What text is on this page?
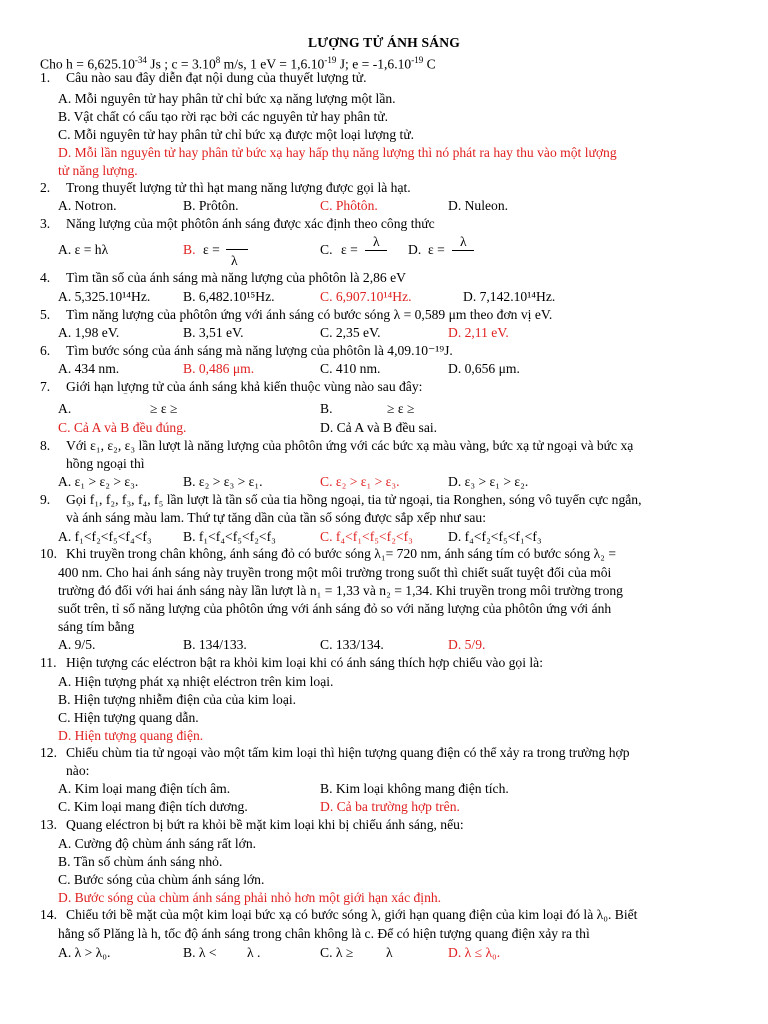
LƯỢNG TỬ ÁNH SÁNG
Cho $h = 6,625.10^{-34}$ Js ; $c = 3.10^8$ m/s, 1 eV = $1,6.10^{-19}$ J; $e = -1,6.10^{-19}$ C
1. Câu nào sau đây diễn đạt nội dung của thuyết lượng tử.
A. Mỗi nguyên tử hay phân tử chỉ bức xạ năng lượng một lần.
B. Vật chất có cấu tạo rời rạc bởi các nguyên tử hay phân tử.
C. Mỗi nguyên tử hay phân tử chỉ bức xạ được một loại lượng tử.
D. Mỗi lần nguyên tử hay phân tử bức xạ hay hấp thụ năng lượng thì nó phát ra hay thu vào một lượng
tử năng lượng.
2. Trong thuyết lượng tử thì hạt mang năng lượng được gọi là hạt.
A. Notron.	B. Prôtôn.	C. Phôtôn.	D. Nuleon.
3. Năng lượng của một phôtôn ánh sáng được xác định theo công thức
A. ε = hλ	B. ε =
λ
C. ε =
λ
D. ε =
λ
4. Tìm tần số của ánh sáng mà năng lượng của phôtôn là 2,86 eV
A. 5,325.10¹⁴Hz. B. 6,482.10¹⁵Hz.	C. 6,907.10¹⁴Hz.	D. 7,142.10¹⁴Hz.
5. Tìm năng lượng của phôtôn ứng với ánh sáng có bước sóng λ = 0,589 μm theo đơn vị eV.
A. 1,98 eV.	B. 3,51 eV.	C. 2,35 eV.	D. 2,11 eV.
6. Tìm bước sóng của ánh sáng mà năng lượng của phôtôn là 4,09.10⁻¹⁹J.
A. 434 nm.	B. 0,486 μm.	C. 410 nm.	D. 0,656 μm.
7. Giới hạn lượng tử của ánh sáng khả kiến thuộc vùng nào sau đây:
A.
‾
≥ ε ≥
‾
B.	≥ ε ≥
C. Cả A và B đều đúng.	D. Cả A và B đều sai.
8. Với ε₁, ε₂, ε₃ lần lượt là năng lượng của phôtôn ứng với các bức xạ màu vàng, bức xạ tử ngoại và bức xạ
hồng ngoại thì
A. ε₁ > ε₂ > ε₃.	B. ε₂ > ε₃ > ε₁.	C. ε₂ > ε₁ > ε₃.	D. ε₃ > ε₁ > ε₂.
9. Gọi f₁, f₂, f₃, f₄, f₅ lần lượt là tần số của tia hồng ngoại, tia tử ngoại, tia Ronghen, sóng vô tuyến cực ngắn,
và ánh sáng màu lam. Thứ tự tăng dần của tần số sóng được sắp xếp như sau:
A. f₁<f₂<f₅<f₄<f₃ B. f₁<f₄<f₅<f₂<f₃	C. f₄<f₁<f₅<f₂<f₃	D. f₄<f₂<f₅<f₁<f₃
10. Khi truyền trong chân không, ánh sáng đỏ có bước sóng λ₁= 720 nm, ánh sáng tím có bước sóng λ₂ =
400 nm. Cho hai ánh sáng này truyền trong một môi trường trong suốt thì chiết suất tuyệt đối của môi
trường đó đối với hai ánh sáng này lần lượt là n₁ = 1,33 và n₂ = 1,34. Khi truyền trong môi trường trong
suốt trên, tỉ số năng lượng của phôtôn ứng với ánh sáng đỏ so với năng lượng của phôtôn ứng với ánh
sáng tím bằng
A. 9/5.	B. 134/133.	C. 133/134.	D. 5/9.
11. Hiện tượng các eléctron bật ra khỏi kim loại khi có ánh sáng thích hợp chiếu vào gọi là:
A. Hiện tượng phát xạ nhiệt eléctron trên kim loại.
B. Hiện tượng nhiễm điện của của kim loại.
C. Hiện tượng quang dẫn.
D. Hiện tượng quang điện.
12. Chiếu chùm tia tử ngoại vào một tấm kim loại thì hiện tượng quang điện có thể xảy ra trong trường hợp
nào:
A. Kim loại mang điện tích âm.	B. Kim loại không mang điện tích.
C. Kim loại mang điện tích dương.	D. Cả ba trường hợp trên.
13. Quang eléctron bị bứt ra khỏi bề mặt kim loại khi bị chiếu ánh sáng, nếu:
A. Cường độ chùm ánh sáng rất lớn.
B. Tần số chùm ánh sáng nhỏ.
C. Bước sóng của chùm ánh sáng lớn.
D. Bước sóng của chùm ánh sáng phải nhỏ hơn một giới hạn xác định.
14. Chiếu tới bề mặt của một kim loại bức xạ có bước sóng λ, giới hạn quang điện của kim loại đó là λ₀. Biết
hằng số Plăng là h, tốc độ ánh sáng trong chân không là c. Để có hiện tượng quang điện xảy ra thì
A. λ > λ₀.	B. λ < λ .	C. λ ≥ λ	D. λ ≤ λ₀.
